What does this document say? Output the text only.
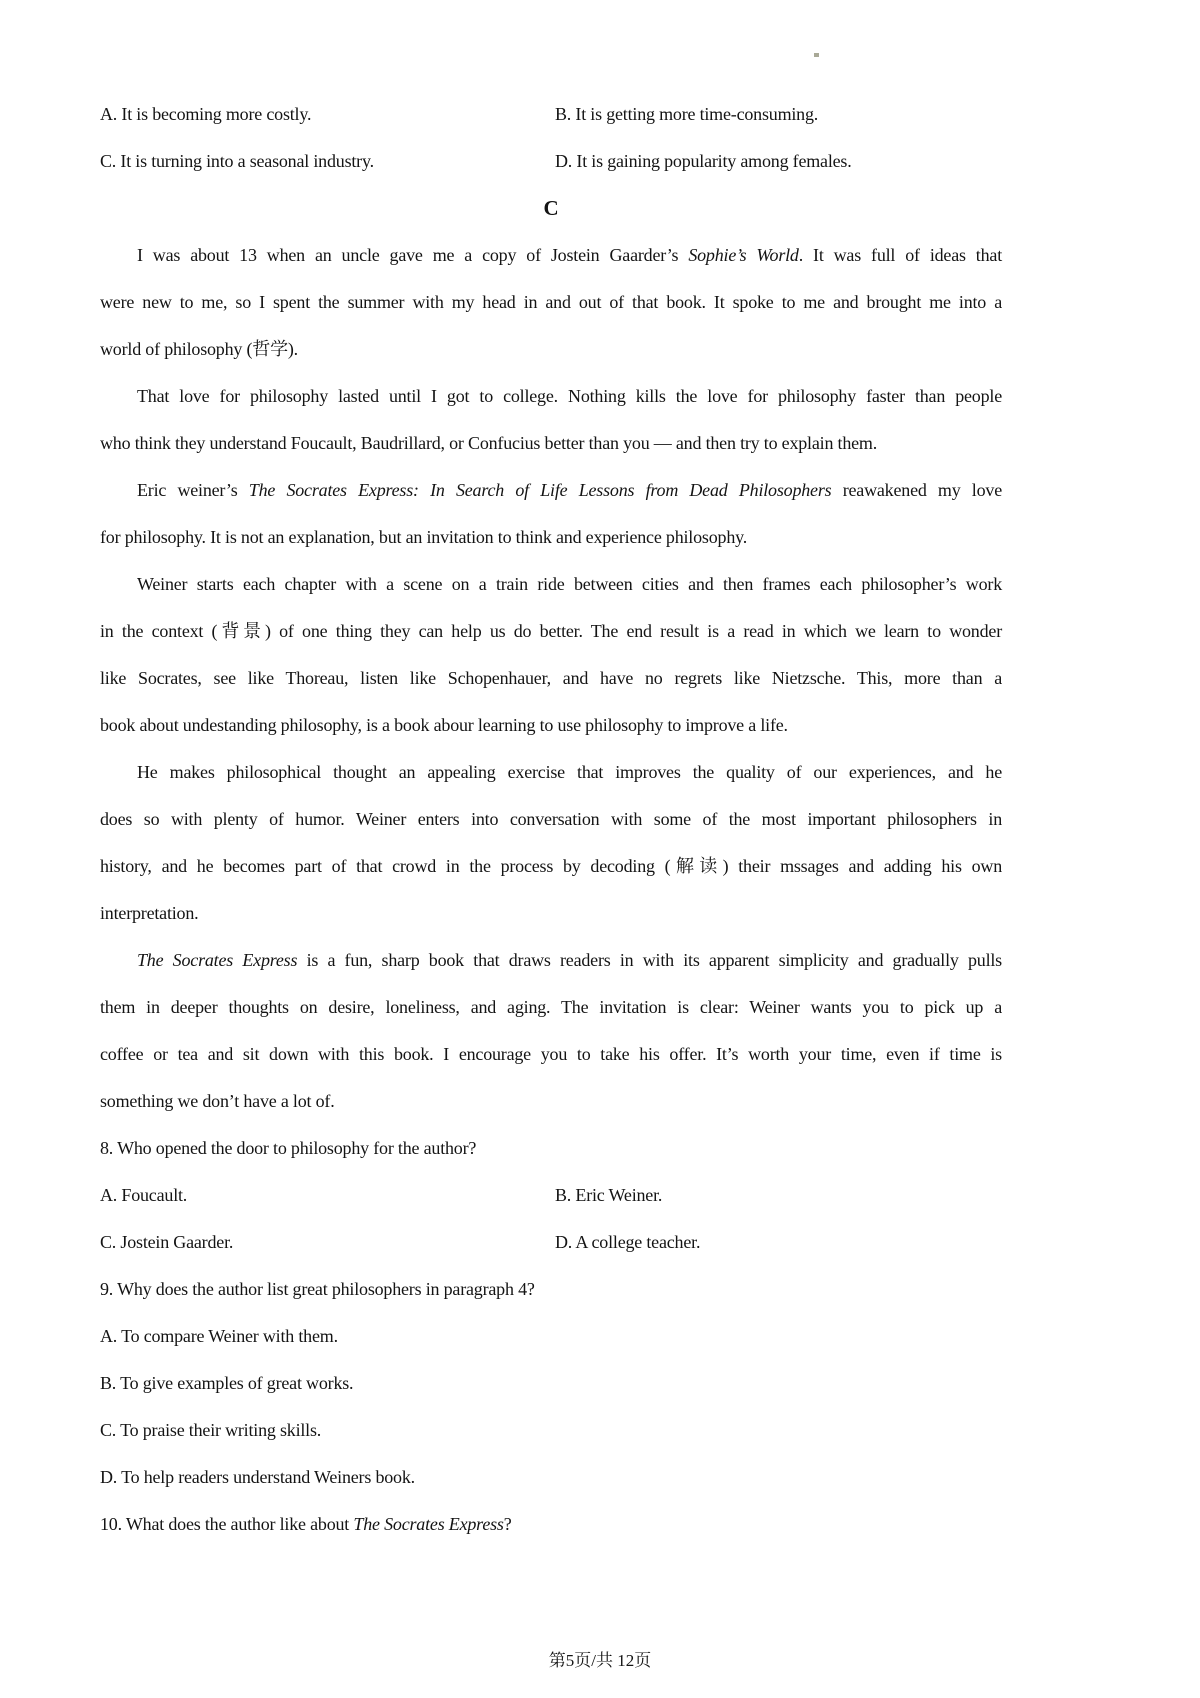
A. It is becoming more costly.	B. It is getting more time-consuming.
C. It is turning into a seasonal industry.	D. It is gaining popularity among females.
C
I was about 13 when an uncle gave me a copy of Jostein Gaarder’s Sophie’s World. It was full of ideas that
were new to me, so I spent the summer with my head in and out of that book. It spoke to me and brought me into a
world of philosophy (哲学).
That love for philosophy lasted until I got to college. Nothing kills the love for philosophy faster than people
who think they understand Foucault, Baudrillard, or Confucius better than you — and then try to explain them.
Eric weiner’s The Socrates Express: In Search of Life Lessons from Dead Philosophers reawakened my love
for philosophy. It is not an explanation, but an invitation to think and experience philosophy.
Weiner starts each chapter with a scene on a train ride between cities and then frames each philosopher’s work
in the context (背景) of one thing they can help us do better. The end result is a read in which we learn to wonder
like Socrates, see like Thoreau, listen like Schopenhauer, and have no regrets like Nietzsche. This, more than a
book about undestanding philosophy, is a book abour learning to use philosophy to improve a life.
He makes philosophical thought an appealing exercise that improves the quality of our experiences, and he
does so with plenty of humor. Weiner enters into conversation with some of the most important philosophers in
history, and he becomes part of that crowd in the process by decoding (解读) their mssages and adding his own
interpretation.
The Socrates Express is a fun, sharp book that draws readers in with its apparent simplicity and gradually pulls
them in deeper thoughts on desire, loneliness, and aging. The invitation is clear: Weiner wants you to pick up a
coffee or tea and sit down with this book. I encourage you to take his offer. It’s worth your time, even if time is
something we don’t have a lot of.
8. Who opened the door to philosophy for the author?
A. Foucault.	B. Eric Weiner.
C. Jostein Gaarder.	D. A college teacher.
9. Why does the author list great philosophers in paragraph 4?
A. To compare Weiner with them.
B. To give examples of great works.
C. To praise their writing skills.
D. To help readers understand Weiners book.
10. What does the author like about The Socrates Express?
第5页/共 12页
